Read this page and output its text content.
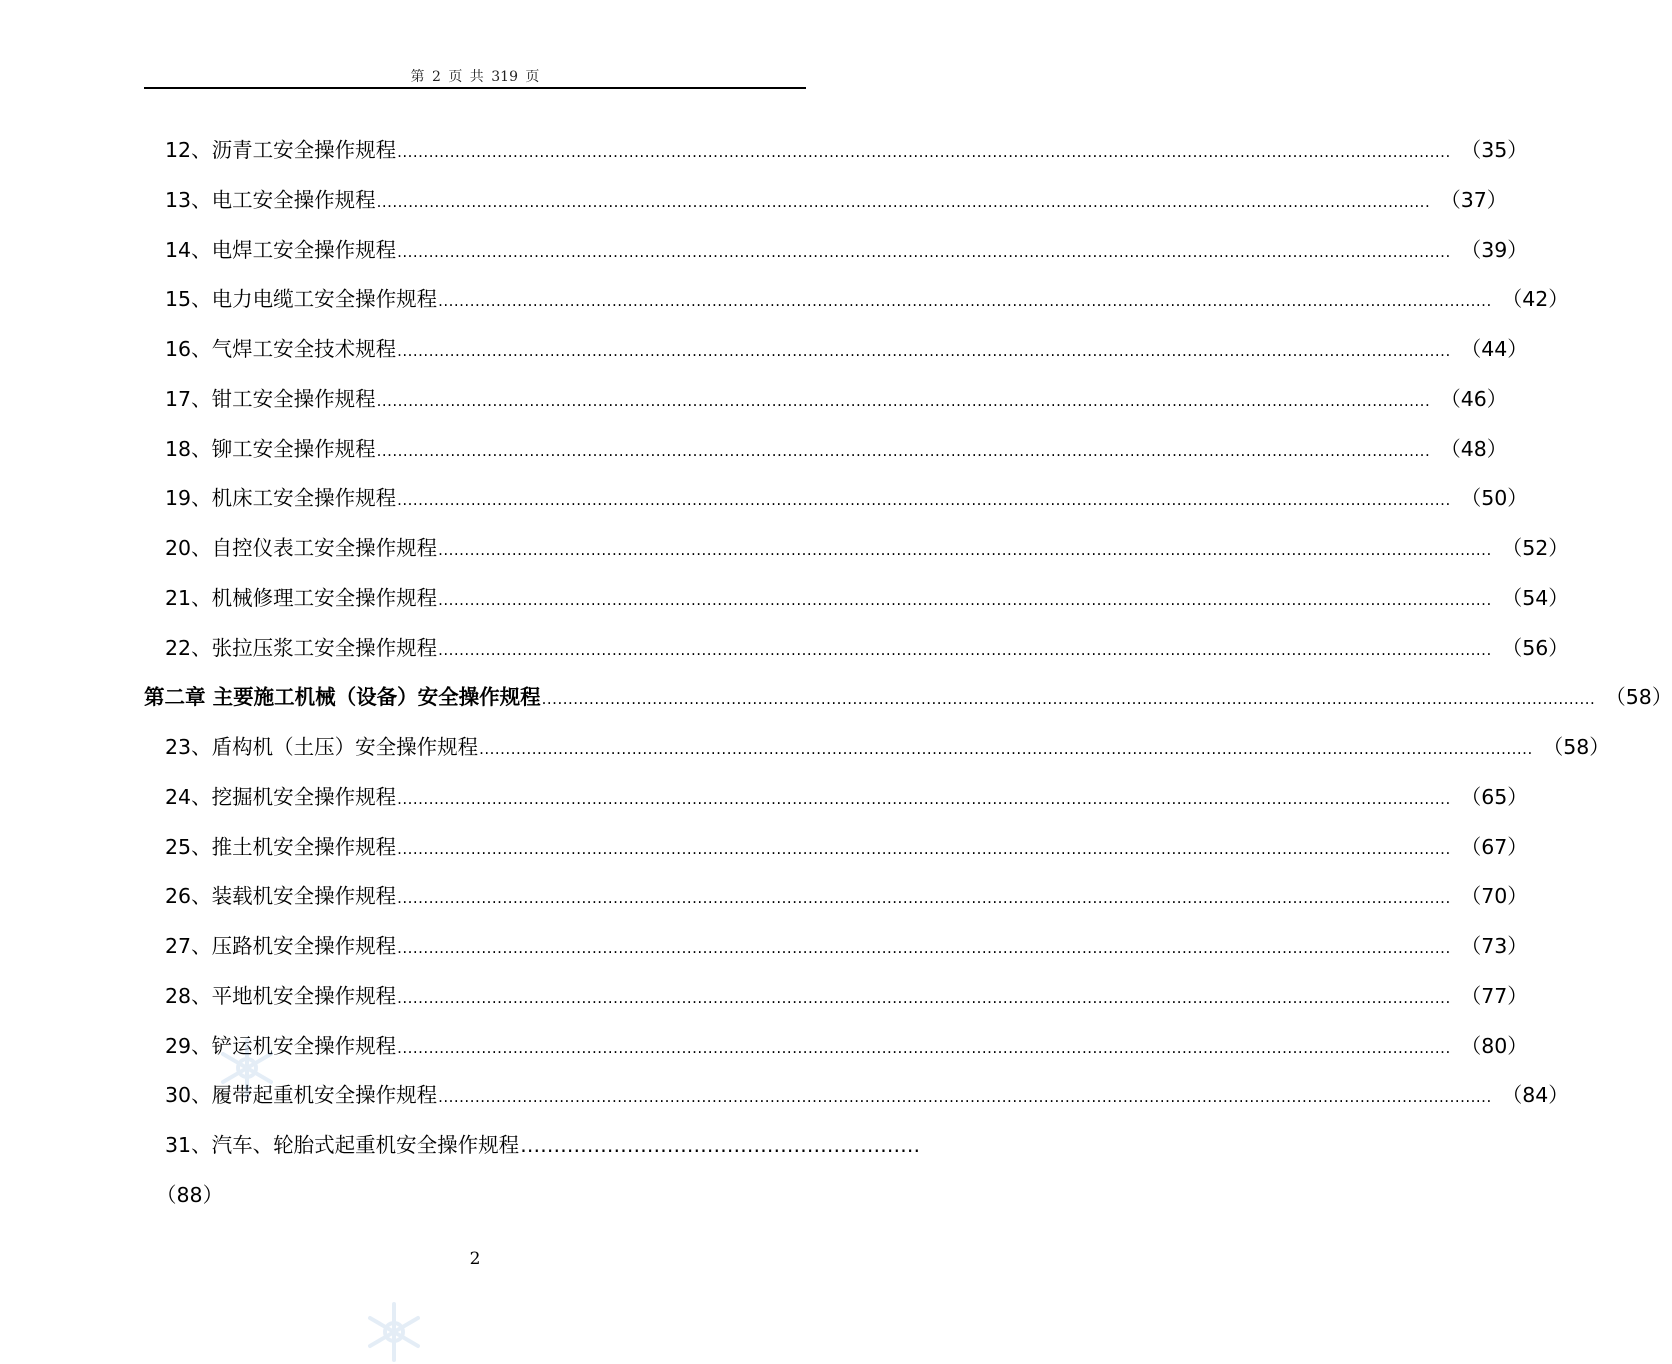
第 2 页 共 319 页
12、沥青工安全操作规程 ........................................................................................................................................................................................................ （35）
13、电工安全操作规程 ........................................................................................................................................................................................................ （37）
14、电焊工安全操作规程 ........................................................................................................................................................................................................ （39）
15、电力电缆工安全操作规程 ........................................................................................................................................................................................................ （42）
16、气焊工安全技术规程 ........................................................................................................................................................................................................ （44）
17、钳工安全操作规程 ........................................................................................................................................................................................................ （46）
18、铆工安全操作规程 ........................................................................................................................................................................................................ （48）
19、机床工安全操作规程 ........................................................................................................................................................................................................ （50）
20、自控仪表工安全操作规程 ........................................................................................................................................................................................................ （52）
21、机械修理工安全操作规程 ........................................................................................................................................................................................................ （54）
22、张拉压浆工安全操作规程 ........................................................................................................................................................................................................ （56）
第二章 主要施工机械（设备）安全操作规程 ........................................................................................................................................................................................................ （58）
23、盾构机（土压）安全操作规程 ........................................................................................................................................................................................................ （58）
24、挖掘机安全操作规程 ........................................................................................................................................................................................................ （65）
25、推土机安全操作规程 ........................................................................................................................................................................................................ （67）
26、装载机安全操作规程 ........................................................................................................................................................................................................ （70）
27、压路机安全操作规程 ........................................................................................................................................................................................................ （73）
28、平地机安全操作规程 ........................................................................................................................................................................................................ （77）
29、铲运机安全操作规程 ........................................................................................................................................................................................................ （80）
30、履带起重机安全操作规程 ........................................................................................................................................................................................................ （84）
31、汽车、轮胎式起重机安全操作规程 ……………………………………………………
（88）
2
